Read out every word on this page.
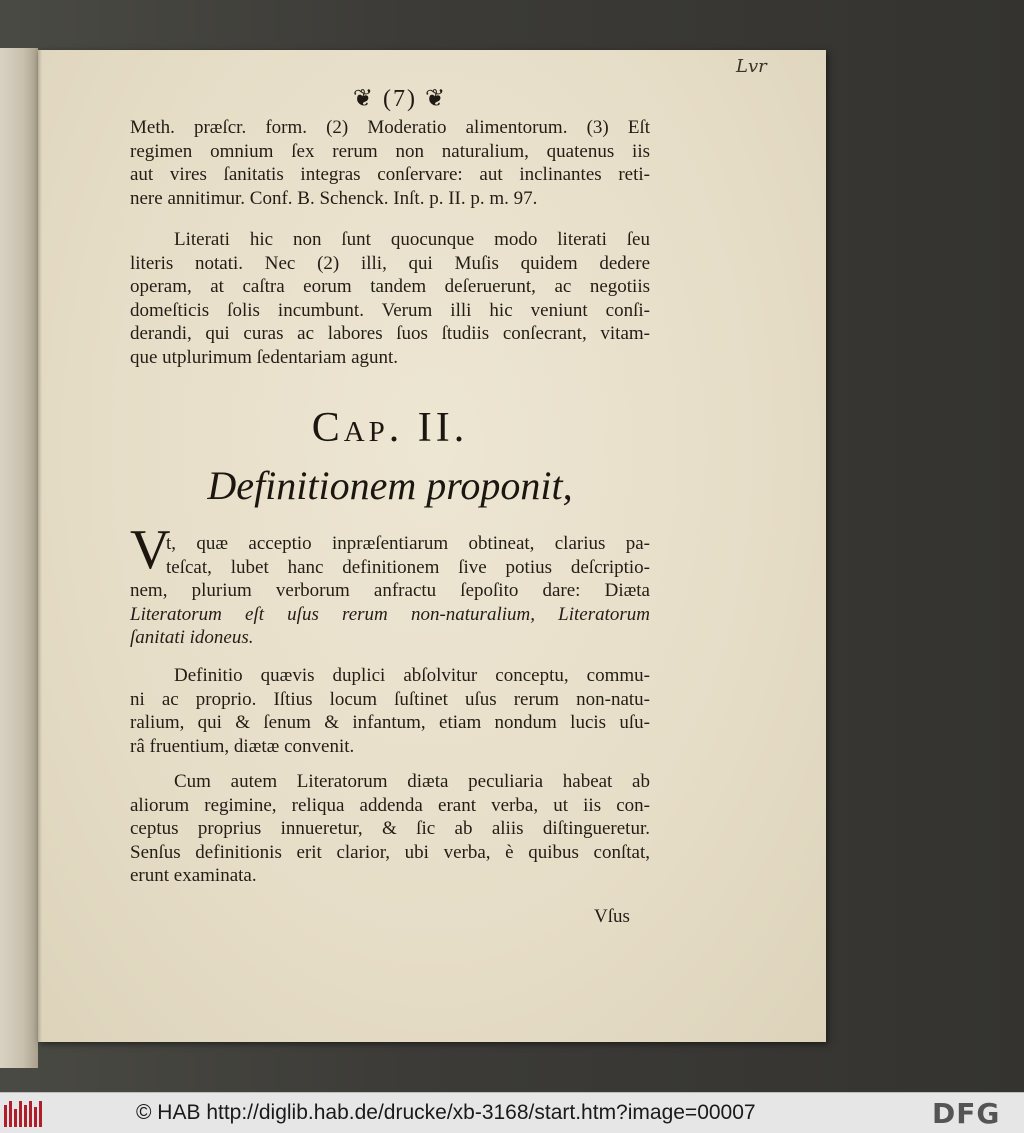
Lvr
❦ (7) ❦
Meth. præſcr. form. (2) Moderatio alimentorum. (3) Eſt
regimen omnium ſex rerum non naturalium, quatenus iis
aut vires ſanitatis integras conſervare: aut inclinantes reti-
nere annitimur. Conf. B. Schenck. Inſt. p. II. p. m. 97.
Literati hic non ſunt quocunque modo literati ſeu
literis notati. Nec (2) illi, qui Muſis quidem dedere
operam, at caſtra eorum tandem deſeruerunt, ac negotiis
domeſticis ſolis incumbunt. Verum illi hic veniunt conſi-
derandi, qui curas ac labores ſuos ſtudiis conſecrant, vitam-
que utplurimum ſedentariam agunt.
Cap. II.
Definitionem proponit,
V
t, quæ acceptio inpræſentiarum obtineat, clarius pa-
teſcat, lubet hanc definitionem ſive potius deſcriptio-
nem, plurium verborum anfractu ſepoſito dare: Diæta
Literatorum eſt uſus rerum non-naturalium, Literatorum
ſanitati idoneus.
Definitio quævis duplici abſolvitur conceptu, commu-
ni ac proprio. Iſtius locum ſuſtinet uſus rerum non-natu-
ralium, qui & ſenum & infantum, etiam nondum lucis uſu-
râ fruentium, diætæ convenit.
Cum autem Literatorum diæta peculiaria habeat ab
aliorum regimine, reliqua addenda erant verba, ut iis con-
ceptus proprius innueretur, & ſic ab aliis diſtingueretur.
Senſus definitionis erit clarior, ubi verba, è quibus conſtat,
erunt examinata.
Vſus
© HAB http://diglib.hab.de/drucke/xb-3168/start.htm?image=00007	DFG
